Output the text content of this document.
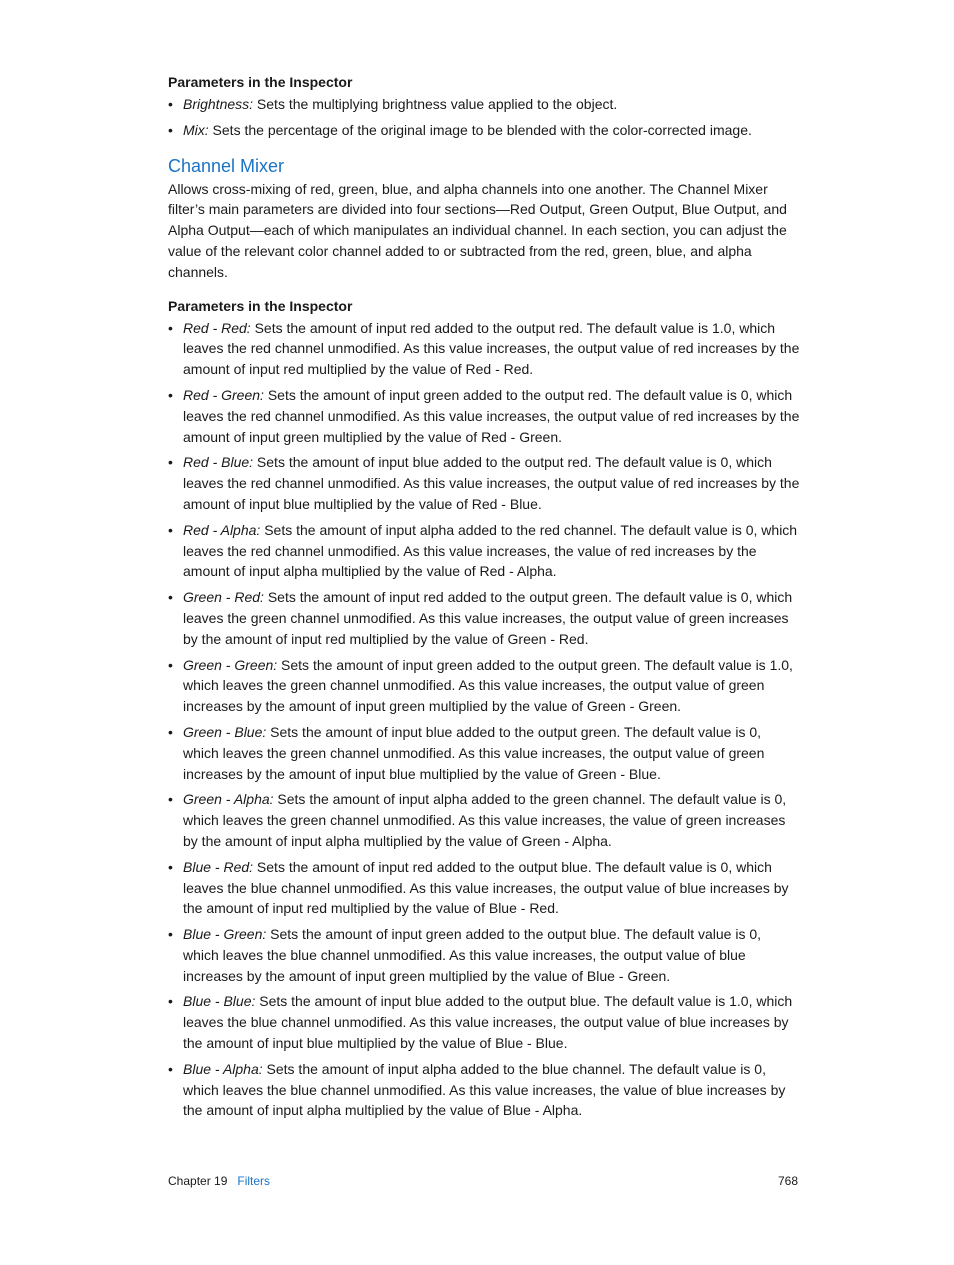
Parameters in the Inspector
• Brightness: Sets the multiplying brightness value applied to the object.
• Mix: Sets the percentage of the original image to be blended with the color-corrected image.
Channel Mixer

Allows cross-mixing of red, green, blue, and alpha channels into one another. The Channel Mixer filter’s main parameters are divided into four sections—Red Output, Green Output, Blue Output, and Alpha Output—each of which manipulates an individual channel. In each section, you can adjust the value of the relevant color channel added to or subtracted from the red, green, blue, and alpha channels.

Parameters in the Inspector
• Red - Red: Sets the amount of input red added to the output red. The default value is 1.0, which leaves the red channel unmodified. As this value increases, the output value of red increases by the amount of input red multiplied by the value of Red - Red.
• Red - Green: Sets the amount of input green added to the output red. The default value is 0, which leaves the red channel unmodified. As this value increases, the output value of red increases by the amount of input green multiplied by the value of Red - Green.
• Red - Blue: Sets the amount of input blue added to the output red. The default value is 0, which leaves the red channel unmodified. As this value increases, the output value of red increases by the amount of input blue multiplied by the value of Red - Blue.
• Red - Alpha: Sets the amount of input alpha added to the red channel. The default value is 0, which leaves the red channel unmodified. As this value increases, the value of red increases by the amount of input alpha multiplied by the value of Red - Alpha.
• Green - Red: Sets the amount of input red added to the output green. The default value is 0, which leaves the green channel unmodified. As this value increases, the output value of green increases by the amount of input red multiplied by the value of Green - Red.
• Green - Green: Sets the amount of input green added to the output green. The default value is 1.0, which leaves the green channel unmodified. As this value increases, the output value of green increases by the amount of input green multiplied by the value of Green - Green.
• Green - Blue: Sets the amount of input blue added to the output green. The default value is 0, which leaves the green channel unmodified. As this value increases, the output value of green increases by the amount of input blue multiplied by the value of Green - Blue.
• Green - Alpha: Sets the amount of input alpha added to the green channel. The default value is 0, which leaves the green channel unmodified. As this value increases, the value of green increases by the amount of input alpha multiplied by the value of Green - Alpha.
• Blue - Red: Sets the amount of input red added to the output blue. The default value is 0, which leaves the blue channel unmodified. As this value increases, the output value of blue increases by the amount of input red multiplied by the value of Blue - Red.
• Blue - Green: Sets the amount of input green added to the output blue. The default value is 0, which leaves the blue channel unmodified. As this value increases, the output value of blue increases by the amount of input green multiplied by the value of Blue - Green.
• Blue - Blue: Sets the amount of input blue added to the output blue. The default value is 1.0, which leaves the blue channel unmodified. As this value increases, the output value of blue increases by the amount of input blue multiplied by the value of Blue - Blue.
• Blue - Alpha: Sets the amount of input alpha added to the blue channel. The default value is 0, which leaves the blue channel unmodified. As this value increases, the value of blue increases by the amount of input alpha multiplied by the value of Blue - Alpha.
Chapter 19 Filters	768
